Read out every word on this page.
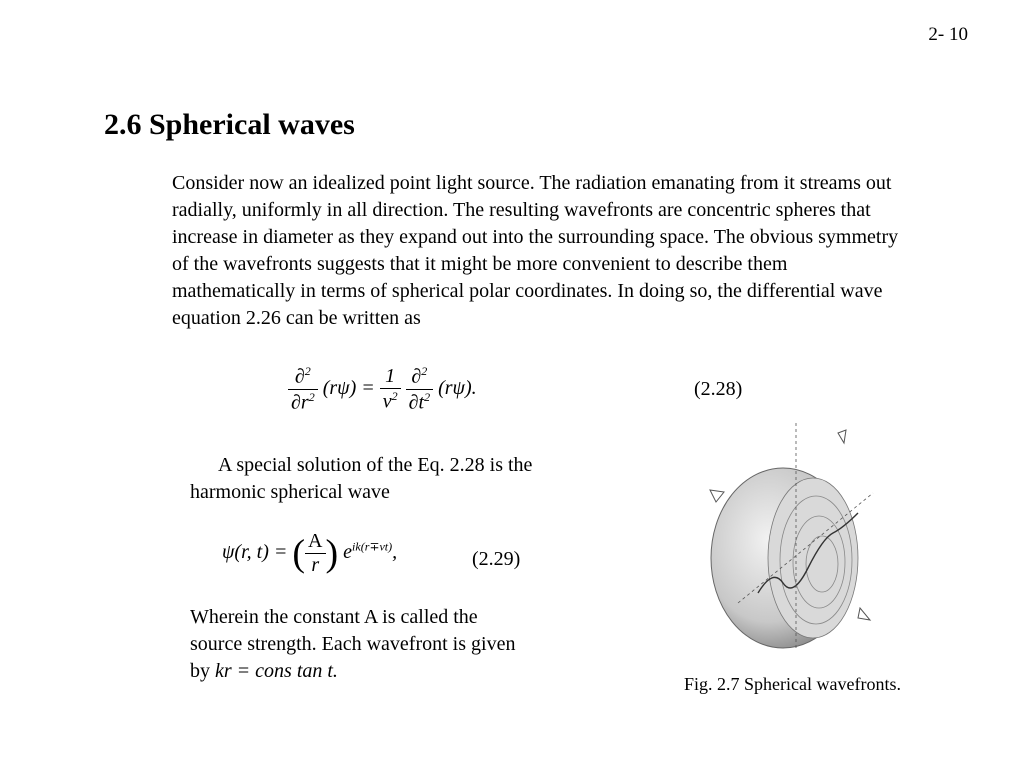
2- 10
2.6 Spherical waves
Consider now an idealized point light source. The radiation emanating from it streams out radially, uniformly in all direction. The resulting wavefronts are concentric spheres that increase in diameter as they expand out into the surrounding space. The obvious symmetry of the wavefronts suggests that it might be more convenient to describe them mathematically in terms of spherical polar coordinates. In doing so, the differential wave equation 2.26 can be written as
$\frac{\partial^2}{\partial r^2} (r\psi) = \frac{1}{v^2}$
$\frac{\partial^2}{\partial t^2} (r\psi)$.	(2.28)
A special solution of the Eq. 2.28 is the harmonic spherical wave
ψ(r, t) = ( $\frac{A}{r}$ ) $e^{ik(r\mp vt)}$,	(2.29)
Wherein the constant A is called the source strength. Each wavefront is given by kr = cons tan t.
Fig. 2.7 Spherical wavefronts.
